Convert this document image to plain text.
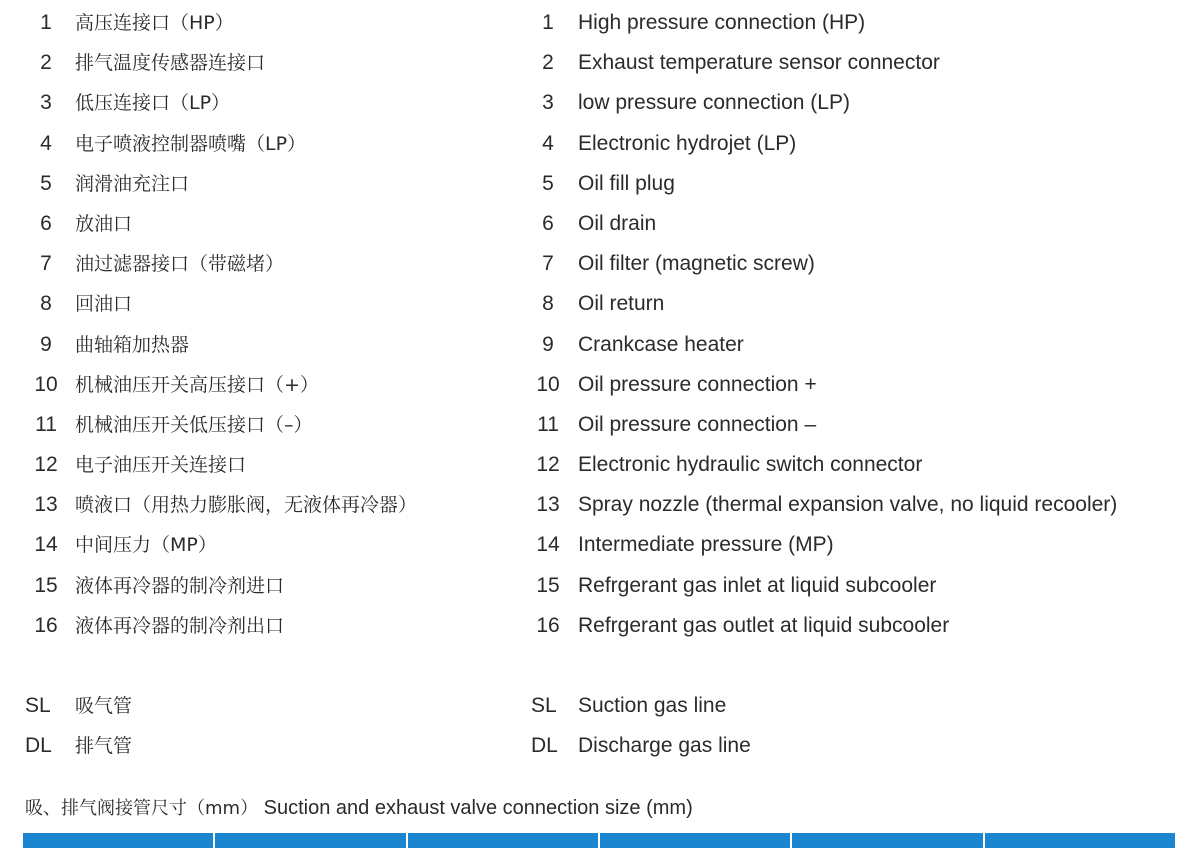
1	高压连接口（HP）	1	High pressure connection (HP)
2	排气温度传感器连接口	2	Exhaust temperature sensor connector
3	低压连接口（LP）	3	low pressure connection (LP)
4	电子喷液控制器喷嘴（LP）	4	Electronic hydrojet (LP)
5	润滑油充注口	5	Oil fill plug
6	放油口	6	Oil drain
7	油过滤器接口（带磁堵）	7	Oil filter (magnetic screw)
8	回油口	8	Oil return
9	曲轴箱加热器	9	Crankcase heater
10 机械油压开关高压接口（+）	10 Oil pressure connection +
11 机械油压开关低压接口（–）	11 Oil pressure connection –
12 电子油压开关连接口	12 Electronic hydraulic switch connector
13 喷液口（用热力膨胀阀，无液体再冷器）	13 Spray nozzle (thermal expansion valve, no liquid recooler)
14 中间压力（MP）	14 Intermediate pressure (MP)
15 液体再冷器的制冷剂进口	15 Refrgerant gas inlet at liquid subcooler
16 液体再冷器的制冷剂出口	16 Refrgerant gas outlet at liquid subcooler
SL	吸气管	SL	Suction gas line
DL	排气管	DL Discharge gas line
吸、排气阀接管尺寸（mm） Suction and exhaust valve connection size (mm)
